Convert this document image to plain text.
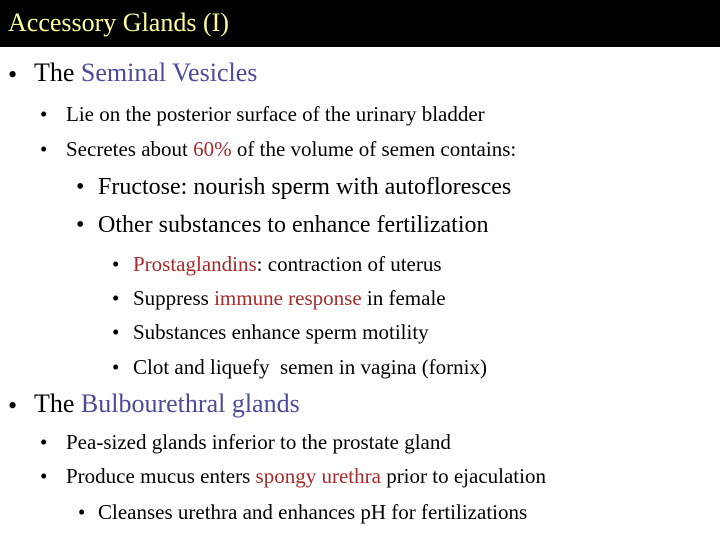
Accessory Glands (I)
• The Seminal Vesicles
• Lie on the posterior surface of the urinary bladder
• Secretes about 60% of the volume of semen contains:
• Fructose: nourish sperm with autofloresces
• Other substances to enhance fertilization
• Prostaglandins: contraction of uterus
• Suppress immune response in female
• Substances enhance sperm motility
• Clot and liquefy  semen in vagina (fornix)
• The Bulbourethral glands
• Pea-sized glands inferior to the prostate gland
• Produce mucus enters spongy urethra prior to ejaculation
• Cleanses urethra and enhances pH for fertilizations
